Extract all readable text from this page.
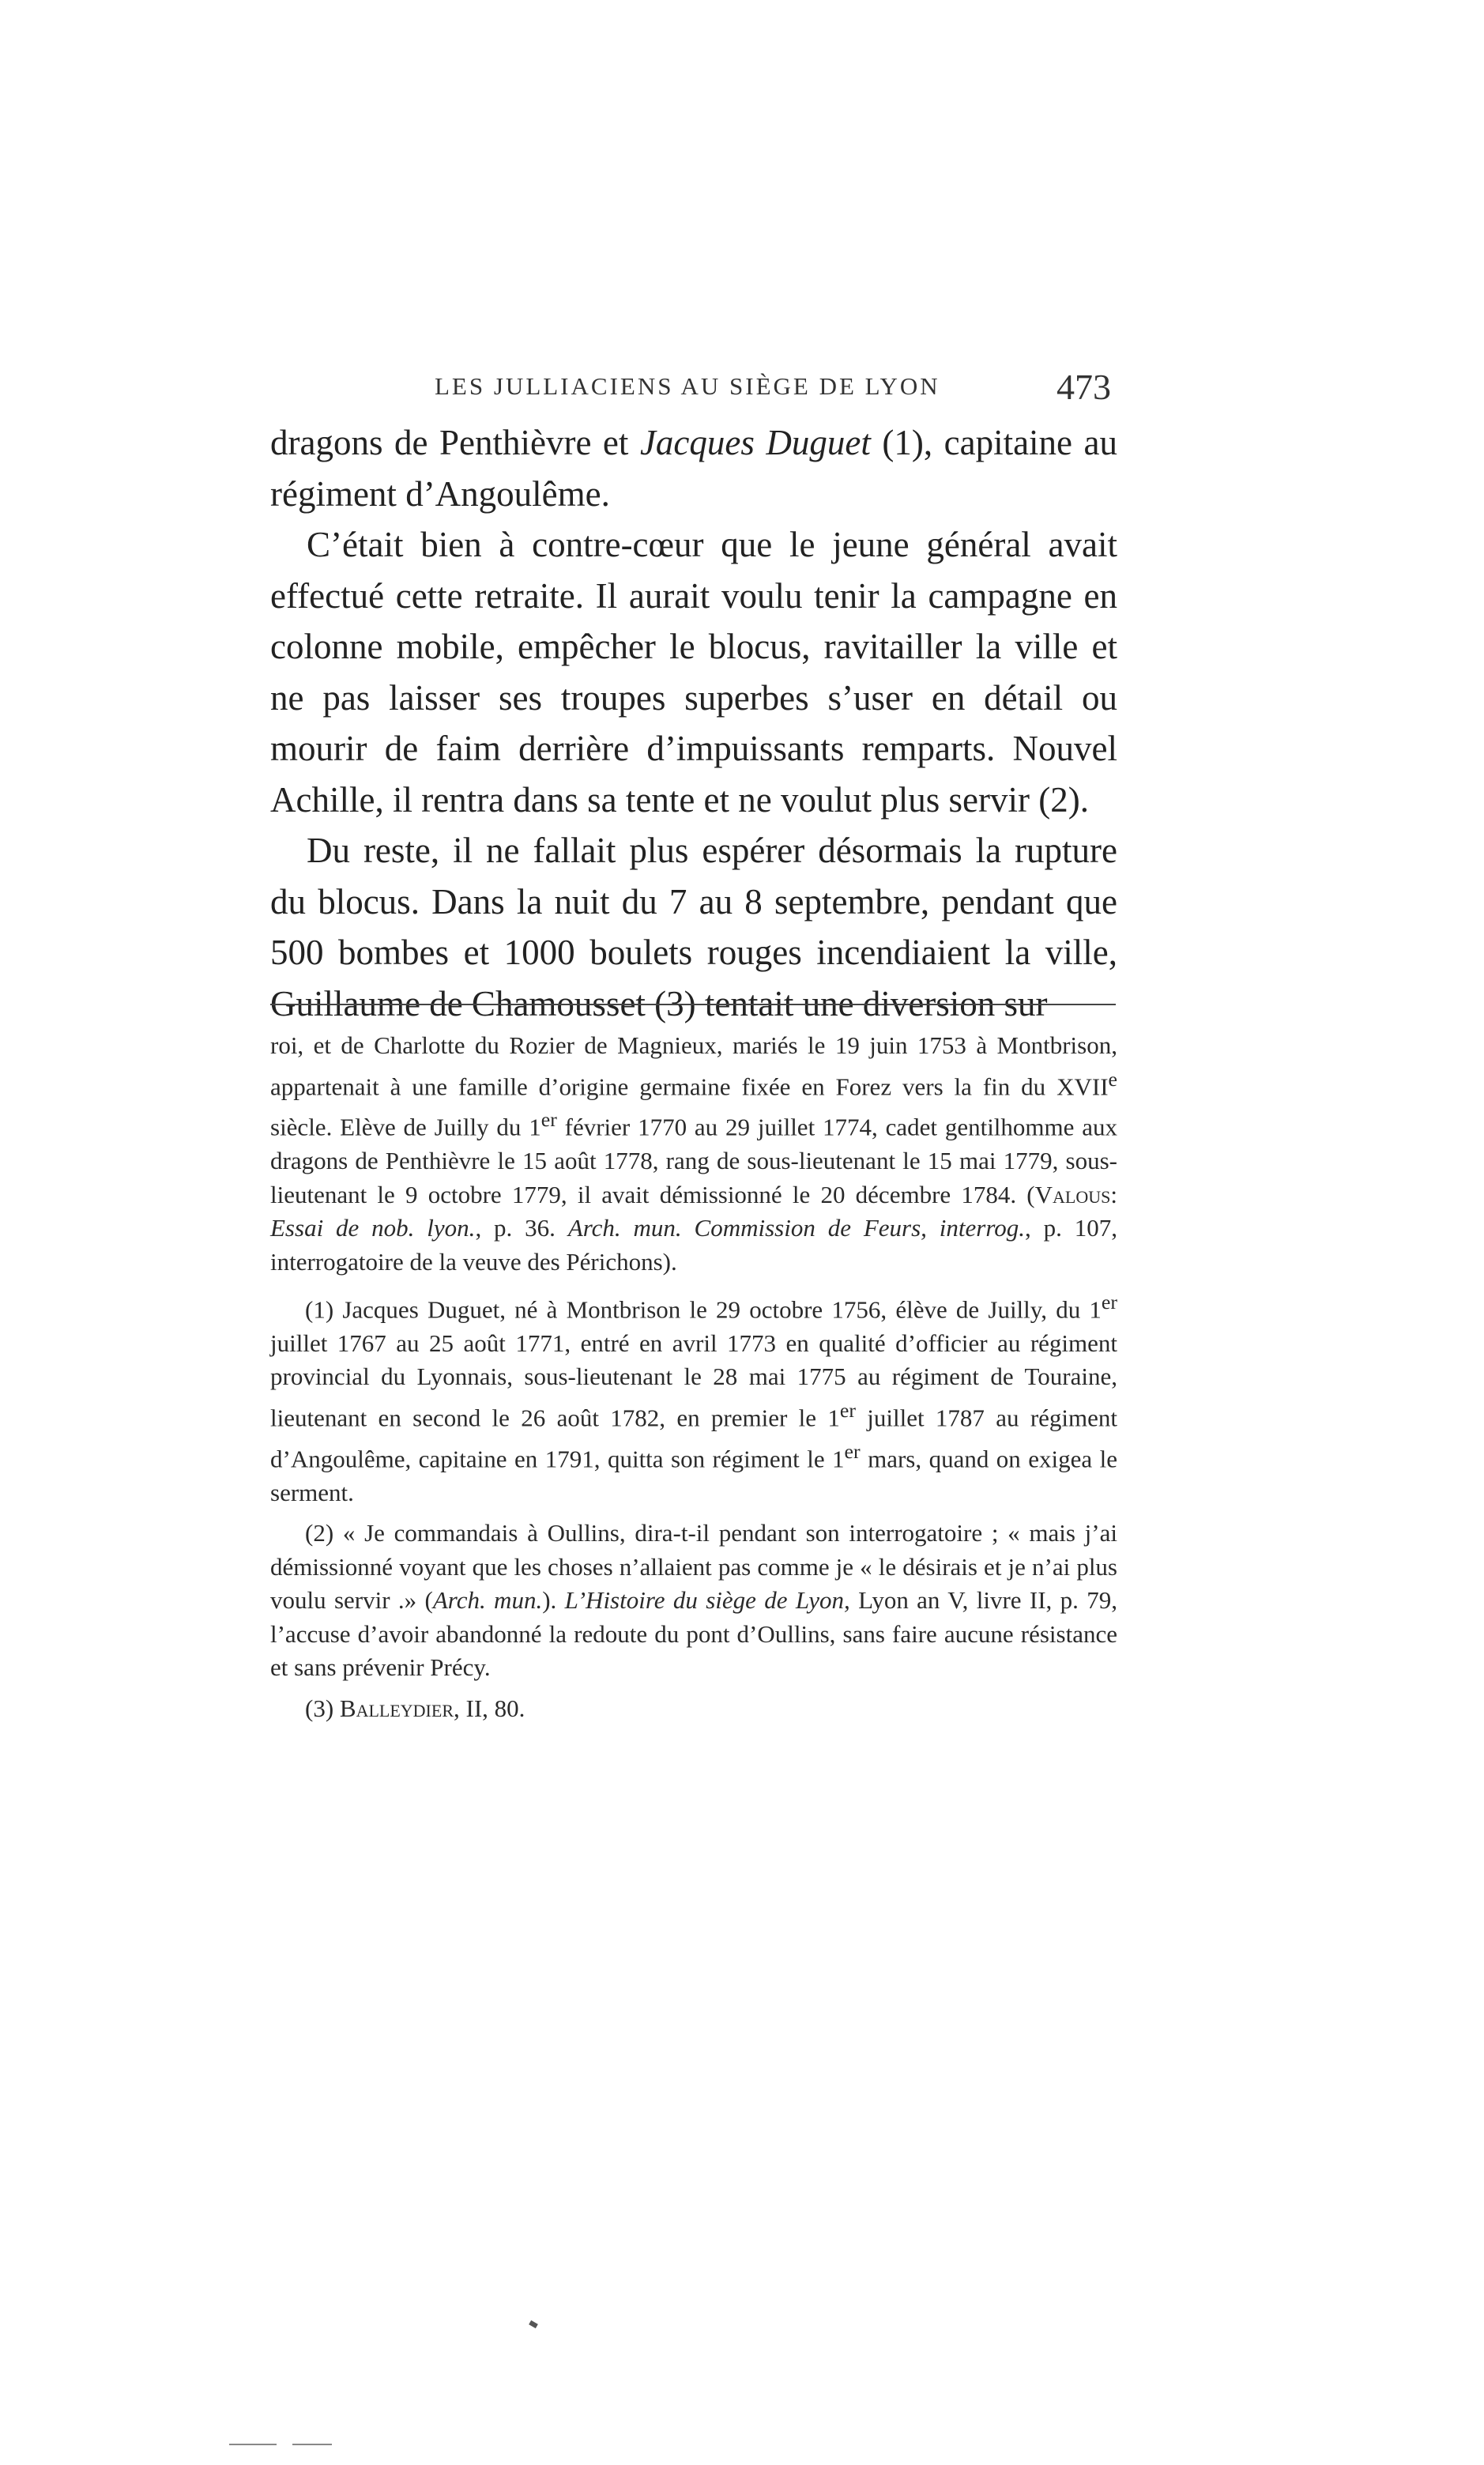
LES JULLIACIENS AU SIÈGE DE LYON	473

dragons de Penthièvre et Jacques Duguet (1), capitaine au régiment d’Angoulême.

C’était bien à contre-cœur que le jeune général avait effectué cette retraite. Il aurait voulu tenir la campagne en colonne mobile, empêcher le blocus, ravitailler la ville et ne pas laisser ses troupes superbes s’user en détail ou mourir de faim derrière d’impuissants remparts. Nouvel Achille, il rentra dans sa tente et ne voulut plus servir (2).

Du reste, il ne fallait plus espérer désormais la rupture du blocus. Dans la nuit du 7 au 8 septembre, pendant que 500 bombes et 1000 boulets rouges incendiaient la ville, Guillaume de Chamousset (3) tentait une diversion sur

roi, et de Charlotte du Rozier de Magnieux, mariés le 19 juin 1753 à Montbrison, appartenait à une famille d’origine germaine fixée en Forez vers la fin du XVIIe siècle. Elève de Juilly du 1er février 1770 au 29 juillet 1774, cadet gentilhomme aux dragons de Penthièvre le 15 août 1778, rang de sous-lieutenant le 15 mai 1779, sous-lieutenant le 9 octobre 1779, il avait démissionné le 20 décembre 1784. (Valous: Essai de nob. lyon., p. 36. Arch. mun. Commission de Feurs, interrog., p. 107, interrogatoire de la veuve des Périchons).

(1) Jacques Duguet, né à Montbrison le 29 octobre 1756, élève de Juilly, du 1er juillet 1767 au 25 août 1771, entré en avril 1773 en qualité d’officier au régiment provincial du Lyonnais, sous-lieutenant le 28 mai 1775 au régiment de Touraine, lieutenant en second le 26 août 1782, en premier le 1er juillet 1787 au régiment d’Angoulême, capitaine en 1791, quitta son régiment le 1er mars, quand on exigea le serment.

(2) « Je commandais à Oullins, dira-t-il pendant son interrogatoire ; « mais j’ai démissionné voyant que les choses n’allaient pas comme je « le désirais et je n’ai plus voulu servir .» (Arch. mun.). L’Histoire du siège de Lyon, Lyon an V, livre II, p. 79, l’accuse d’avoir abandonné la redoute du pont d’Oullins, sans faire aucune résistance et sans prévenir Précy.

(3) Balleydier, II, 80.
